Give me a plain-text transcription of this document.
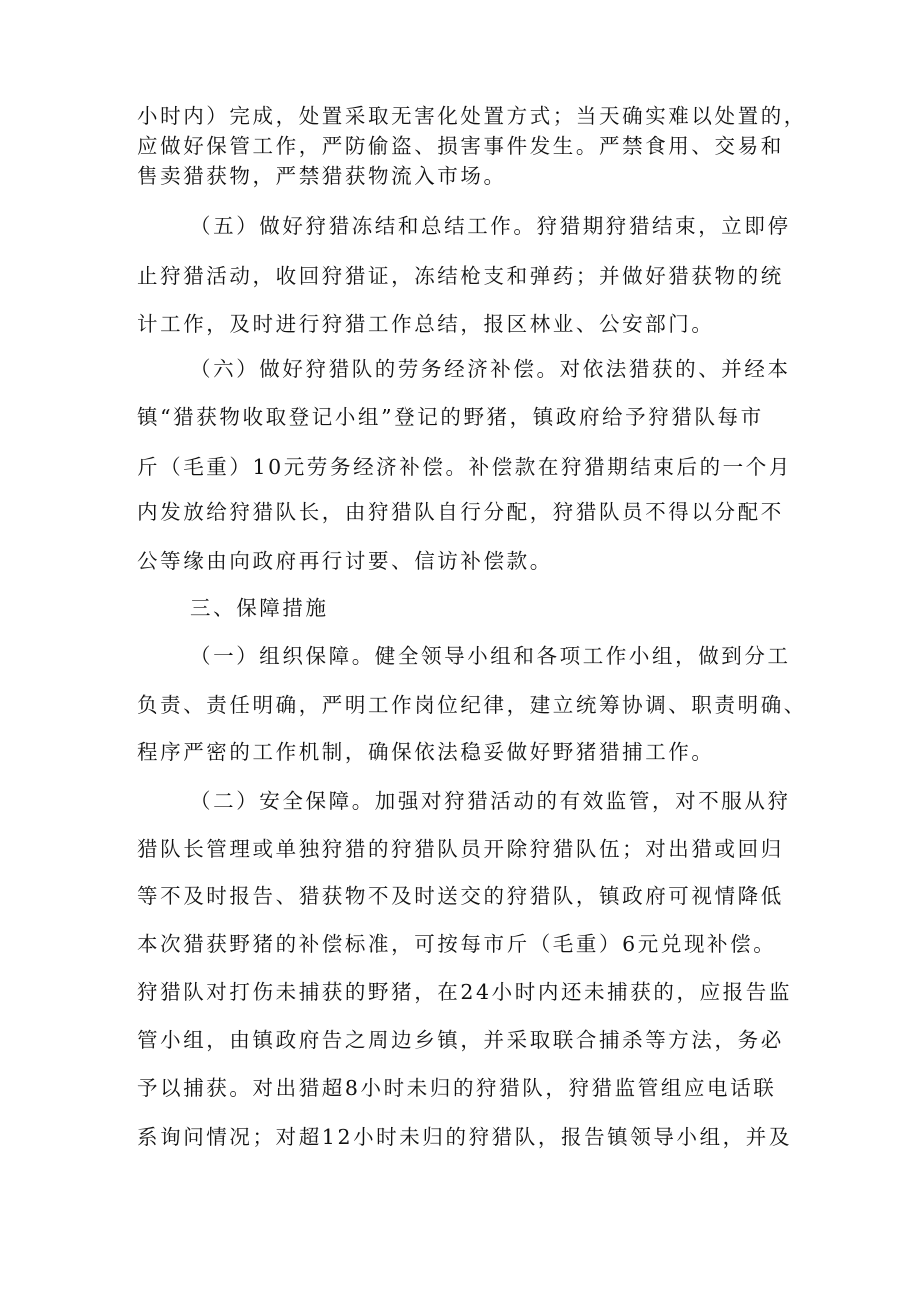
小时内）完成，处置采取无害化处置方式；当天确实难以处置的，
应做好保管工作，严防偷盗、损害事件发生。严禁食用、交易和
售卖猎获物，严禁猎获物流入市场。
（五）做好狩猎冻结和总结工作。狩猎期狩猎结束，立即停
止狩猎活动，收回狩猎证，冻结枪支和弹药；并做好猎获物的统
计工作，及时进行狩猎工作总结，报区林业、公安部门。
（六）做好狩猎队的劳务经济补偿。对依法猎获的、并经本
镇“猎获物收取登记小组”登记的野猪，镇政府给予狩猎队每市
斤（毛重）10元劳务经济补偿。补偿款在狩猎期结束后的一个月
内发放给狩猎队长，由狩猎队自行分配，狩猎队员不得以分配不
公等缘由向政府再行讨要、信访补偿款。
三、保障措施
（一）组织保障。健全领导小组和各项工作小组，做到分工
负责、责任明确，严明工作岗位纪律，建立统筹协调、职责明确、
程序严密的工作机制，确保依法稳妥做好野猪猎捕工作。
（二）安全保障。加强对狩猎活动的有效监管，对不服从狩
猎队长管理或单独狩猎的狩猎队员开除狩猎队伍；对出猎或回归
等不及时报告、猎获物不及时送交的狩猎队，镇政府可视情降低
本次猎获野猪的补偿标准，可按每市斤（毛重）6元兑现补偿。
狩猎队对打伤未捕获的野猪，在24小时内还未捕获的，应报告监
管小组，由镇政府告之周边乡镇，并采取联合捕杀等方法，务必
予以捕获。对出猎超8小时未归的狩猎队，狩猎监管组应电话联
系询问情况；对超12小时未归的狩猎队，报告镇领导小组，并及
